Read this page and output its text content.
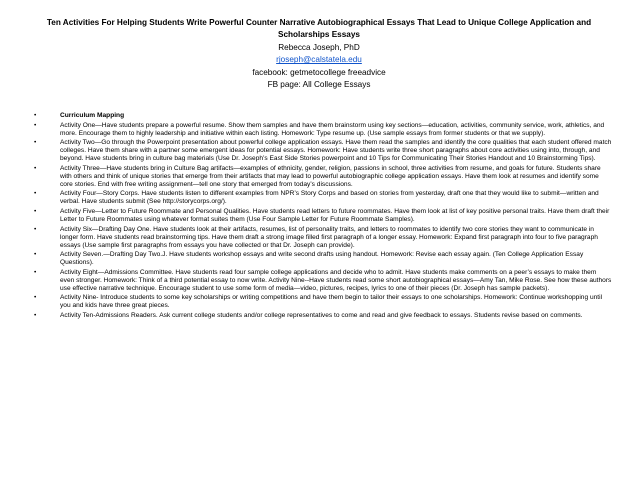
Ten Activities For Helping Students Write Powerful Counter Narrative Autobiographical Essays That Lead to Unique College Application and Scholarships Essays
Rebecca Joseph, PhD
rjoseph@calstatela.edu
facebook: getmetocollege freeadvice
FB page: All College Essays
•	Curriculum Mapping
•	Activity One—Have students prepare a powerful resume. Show them samples and have them brainstorm using key sections—education, activities, community service, work, athletics, and more. Encourage them to highly leadership and initiative within each listing. Homework: Type resume up. (Use sample essays from former students or that we supply).
•	Activity Two—Go through the Powerpoint presentation about powerful college application essays. Have them read the samples and identify the core qualities that each student offered match colleges. Have them share with a partner some emergent ideas for potential essays. Homework: Have students write three short paragraphs about core activities using into, through, and beyond. Have students bring in culture bag materials (Use Dr. Joseph’s East Side Stories powerpoint and 10 Tips for Communicating Their Stories Handout and 10 Brainstorming Tips).
•	Activity Three—Have students bring in Culture Bag artifacts—examples of ethnicity, gender, religion, passions in school, three activities from resume, and goals for future. Students share with others and think of unique stories that emerge from their artifacts that may lead to powerful autobiographic college application essays. Have them look at resumes and identify some core stories. End with free writing assignment—tell one story that emerged from today’s discussions.
•	Activity Four—Story Corps. Have students listen to different examples from NPR’s Story Corps and based on stories from yesterday, draft one that they would like to submit—written and verbal. Have students submit (See http://storycorps.org/).
•	Activity Five—Letter to Future Roommate and Personal Qualities. Have students read letters to future roommates. Have them look at list of key positive personal traits. Have them draft their Letter to Future Roommates using whatever format suites them (Use Four Sample Letter for Future Roommate Samples).
•	Activity Six—Drafting Day One. Have students look at their artifacts, resumes, list of personality traits, and letters to roommates to identify two core stories they want to communicate in longer form. Have students read brainstorming tips. Have them draft a strong image filled first paragraph of a longer essay. Homework: Expand first paragraph into four to five paragraph essays (Use sample first paragraphs from essays you have collected or that Dr. Joseph can provide).
•	Activity Seven.—Drafting Day Two.J. Have students workshop essays and write second drafts using handout. Homework: Revise each essay again. (Ten College Application Essay Questions).
•	Activity Eight—Admissions Committee. Have students read four sample college applications and decide who to admit. Have students make comments on a peer’s essays to make them even stronger. Homework: Think of a third potential essay to now write. Activity Nine--Have students read some short autobiographical essays—Amy Tan, Mike Rose. See how these authors use effective narrative technique. Encourage student to use some form of media—video, pictures, recipes, lyrics to one of their pieces (Dr. Joseph has sample packets).
•	Activity Nine- Introduce students to some key scholarships or writing competitions and have them begin to tailor their essays to one scholarships. Homework: Continue workshopping until you and kids have three great pieces.
•	Activity Ten-Admissions Readers. Ask current college students and/or college representatives to come and read and give feedback to essays. Students revise based on comments.
